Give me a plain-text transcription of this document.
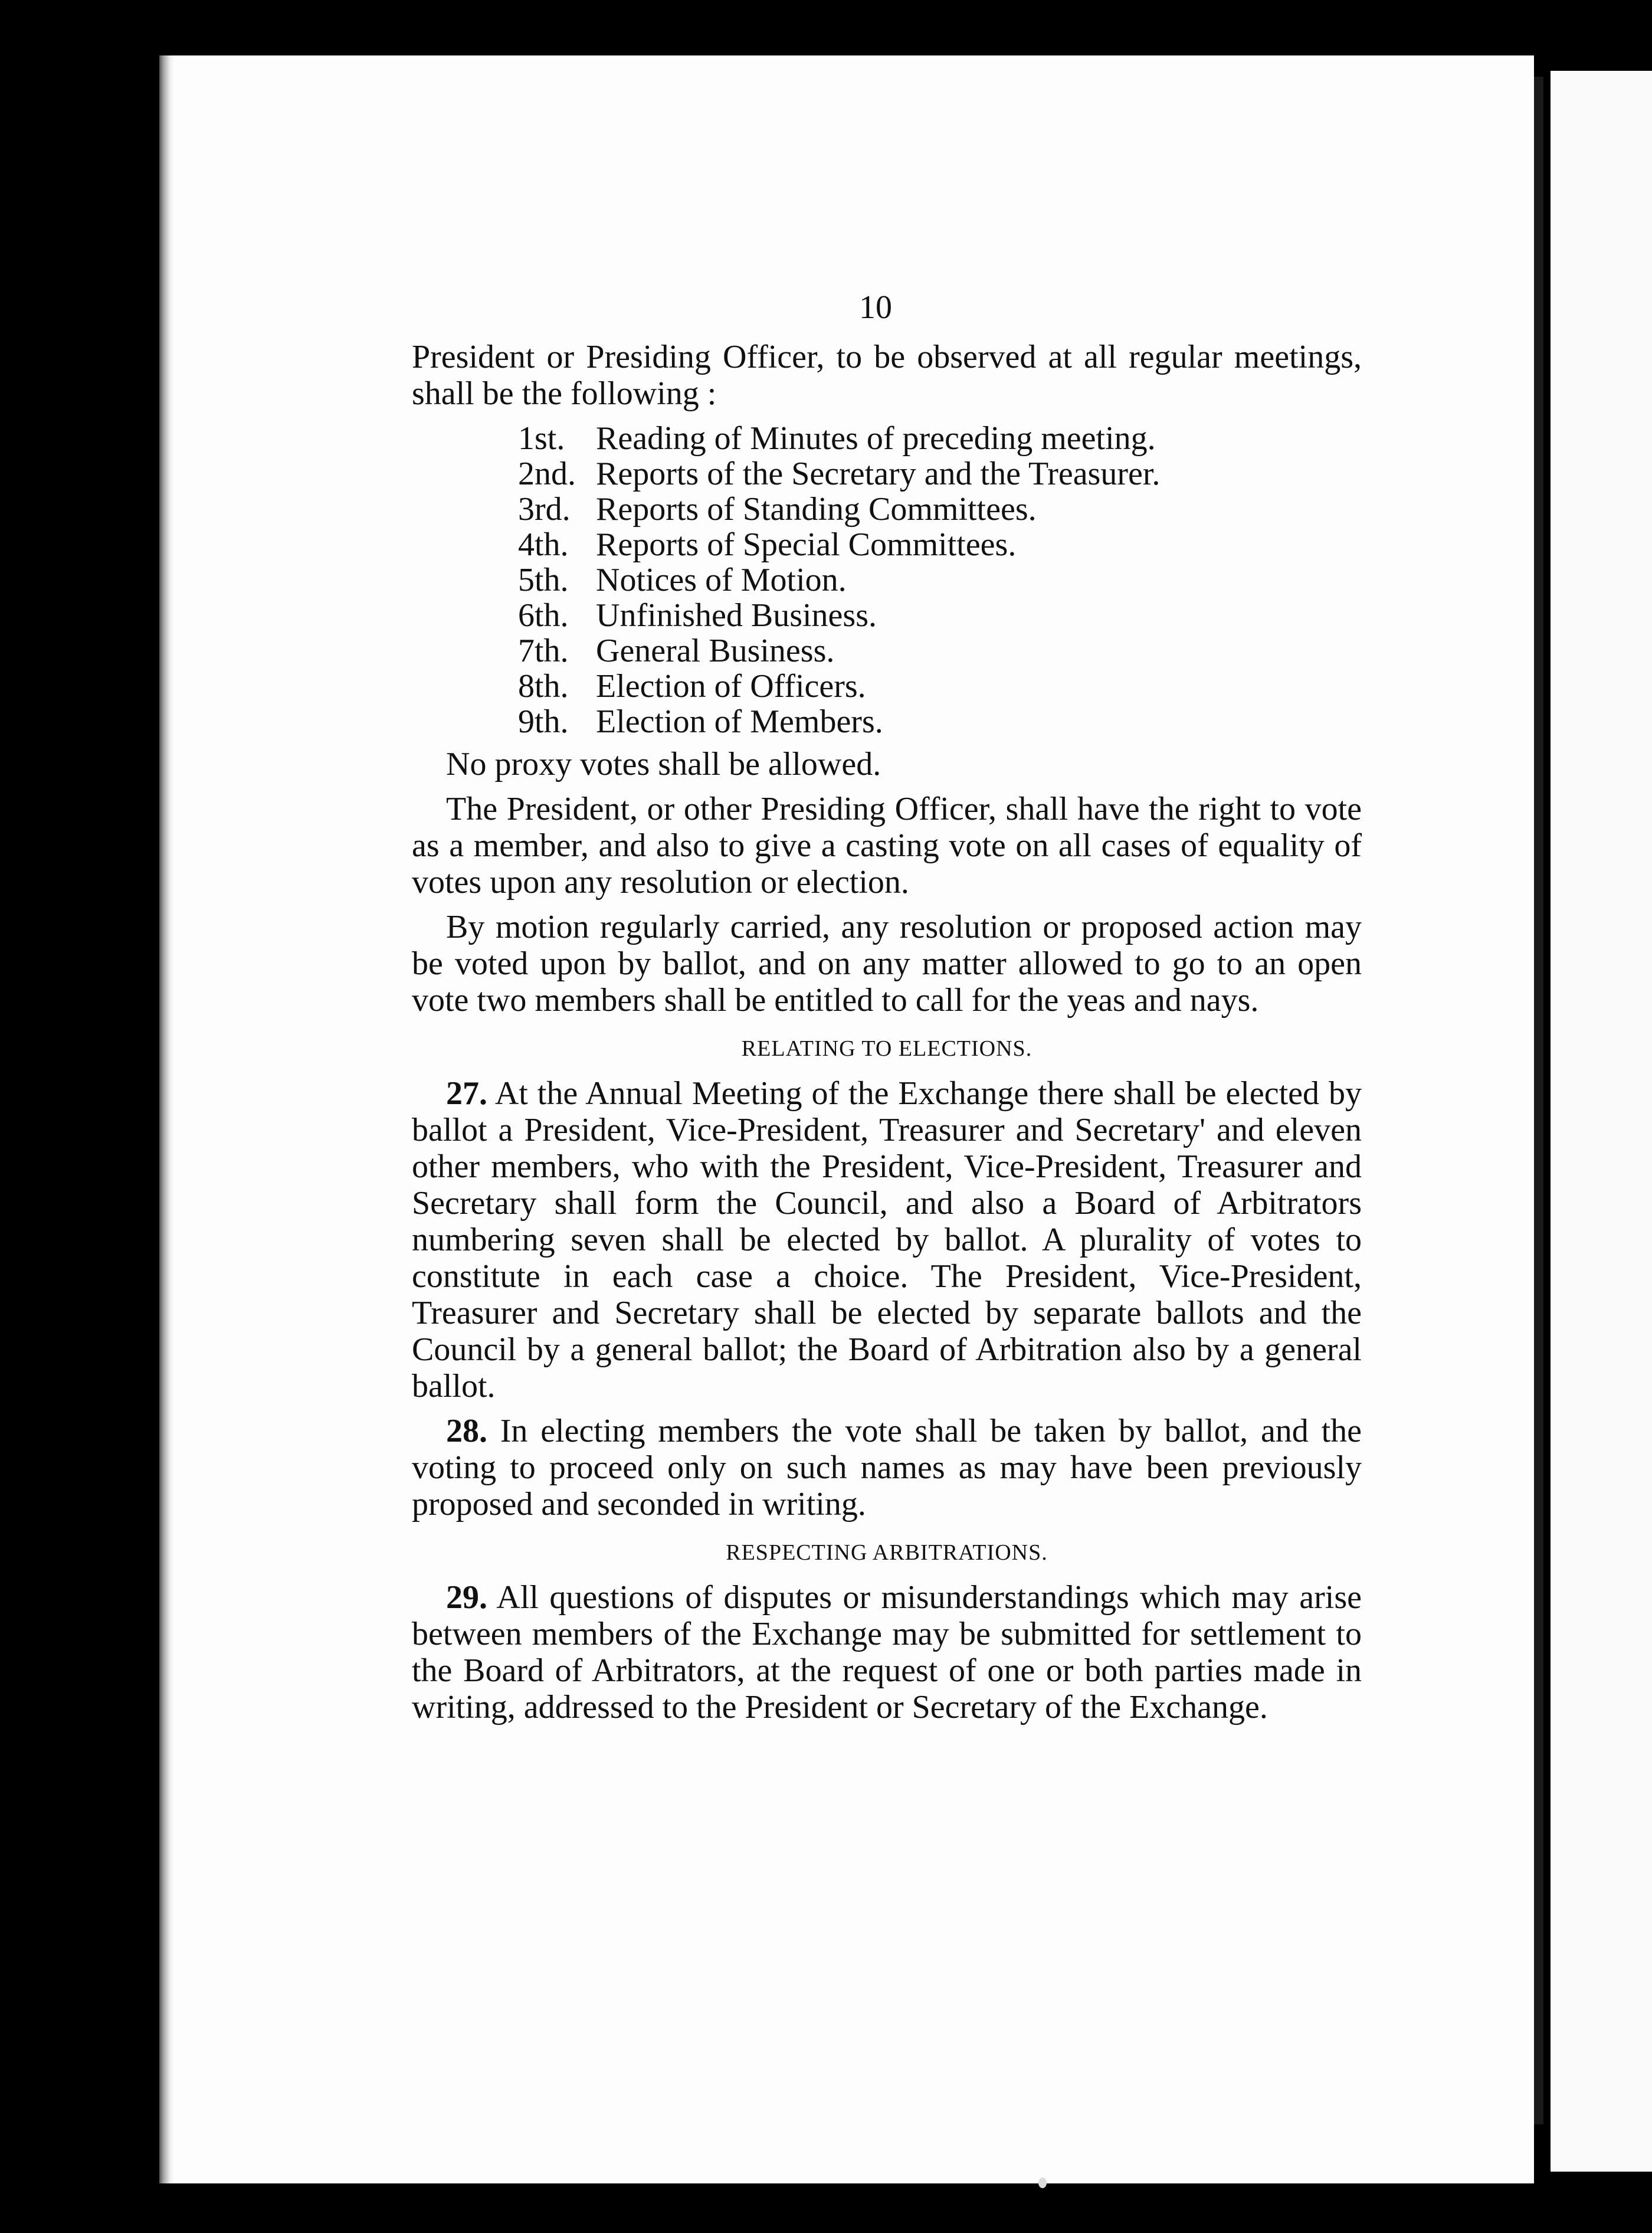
10

President or Presiding Officer, to be observed at all regular meetings, shall be the following :

1st. Reading of Minutes of preceding meeting.
2nd. Reports of the Secretary and the Treasurer.
3rd. Reports of Standing Committees.
4th. Reports of Special Committees.
5th. Notices of Motion.
6th. Unfinished Business.
7th. General Business.
8th. Election of Officers.
9th. Election of Members.

No proxy votes shall be allowed.

The President, or other Presiding Officer, shall have the right to vote as a member, and also to give a casting vote on all cases of equality of votes upon any resolution or election.

By motion regularly carried, any resolution or proposed action may be voted upon by ballot, and on any matter allowed to go to an open vote two members shall be entitled to call for the yeas and nays.

RELATING TO ELECTIONS.

27. At the Annual Meeting of the Exchange there shall be elected by ballot a President, Vice-President, Treasurer and Secretary' and eleven other members, who with the President, Vice-President, Treasurer and Secretary shall form the Council, and also a Board of Arbitrators numbering seven shall be elected by ballot. A plurality of votes to constitute in each case a choice. The President, Vice-President, Treasurer and Secretary shall be elected by separate ballots and the Council by a general ballot; the Board of Arbitration also by a general ballot.

28. In electing members the vote shall be taken by ballot, and the voting to proceed only on such names as may have been previously proposed and seconded in writing.

RESPECTING ARBITRATIONS.

29. All questions of disputes or misunderstandings which may arise between members of the Exchange may be submitted for settlement to the Board of Arbitrators, at the request of one or both parties made in writing, addressed to the President or Secretary of the Exchange.
